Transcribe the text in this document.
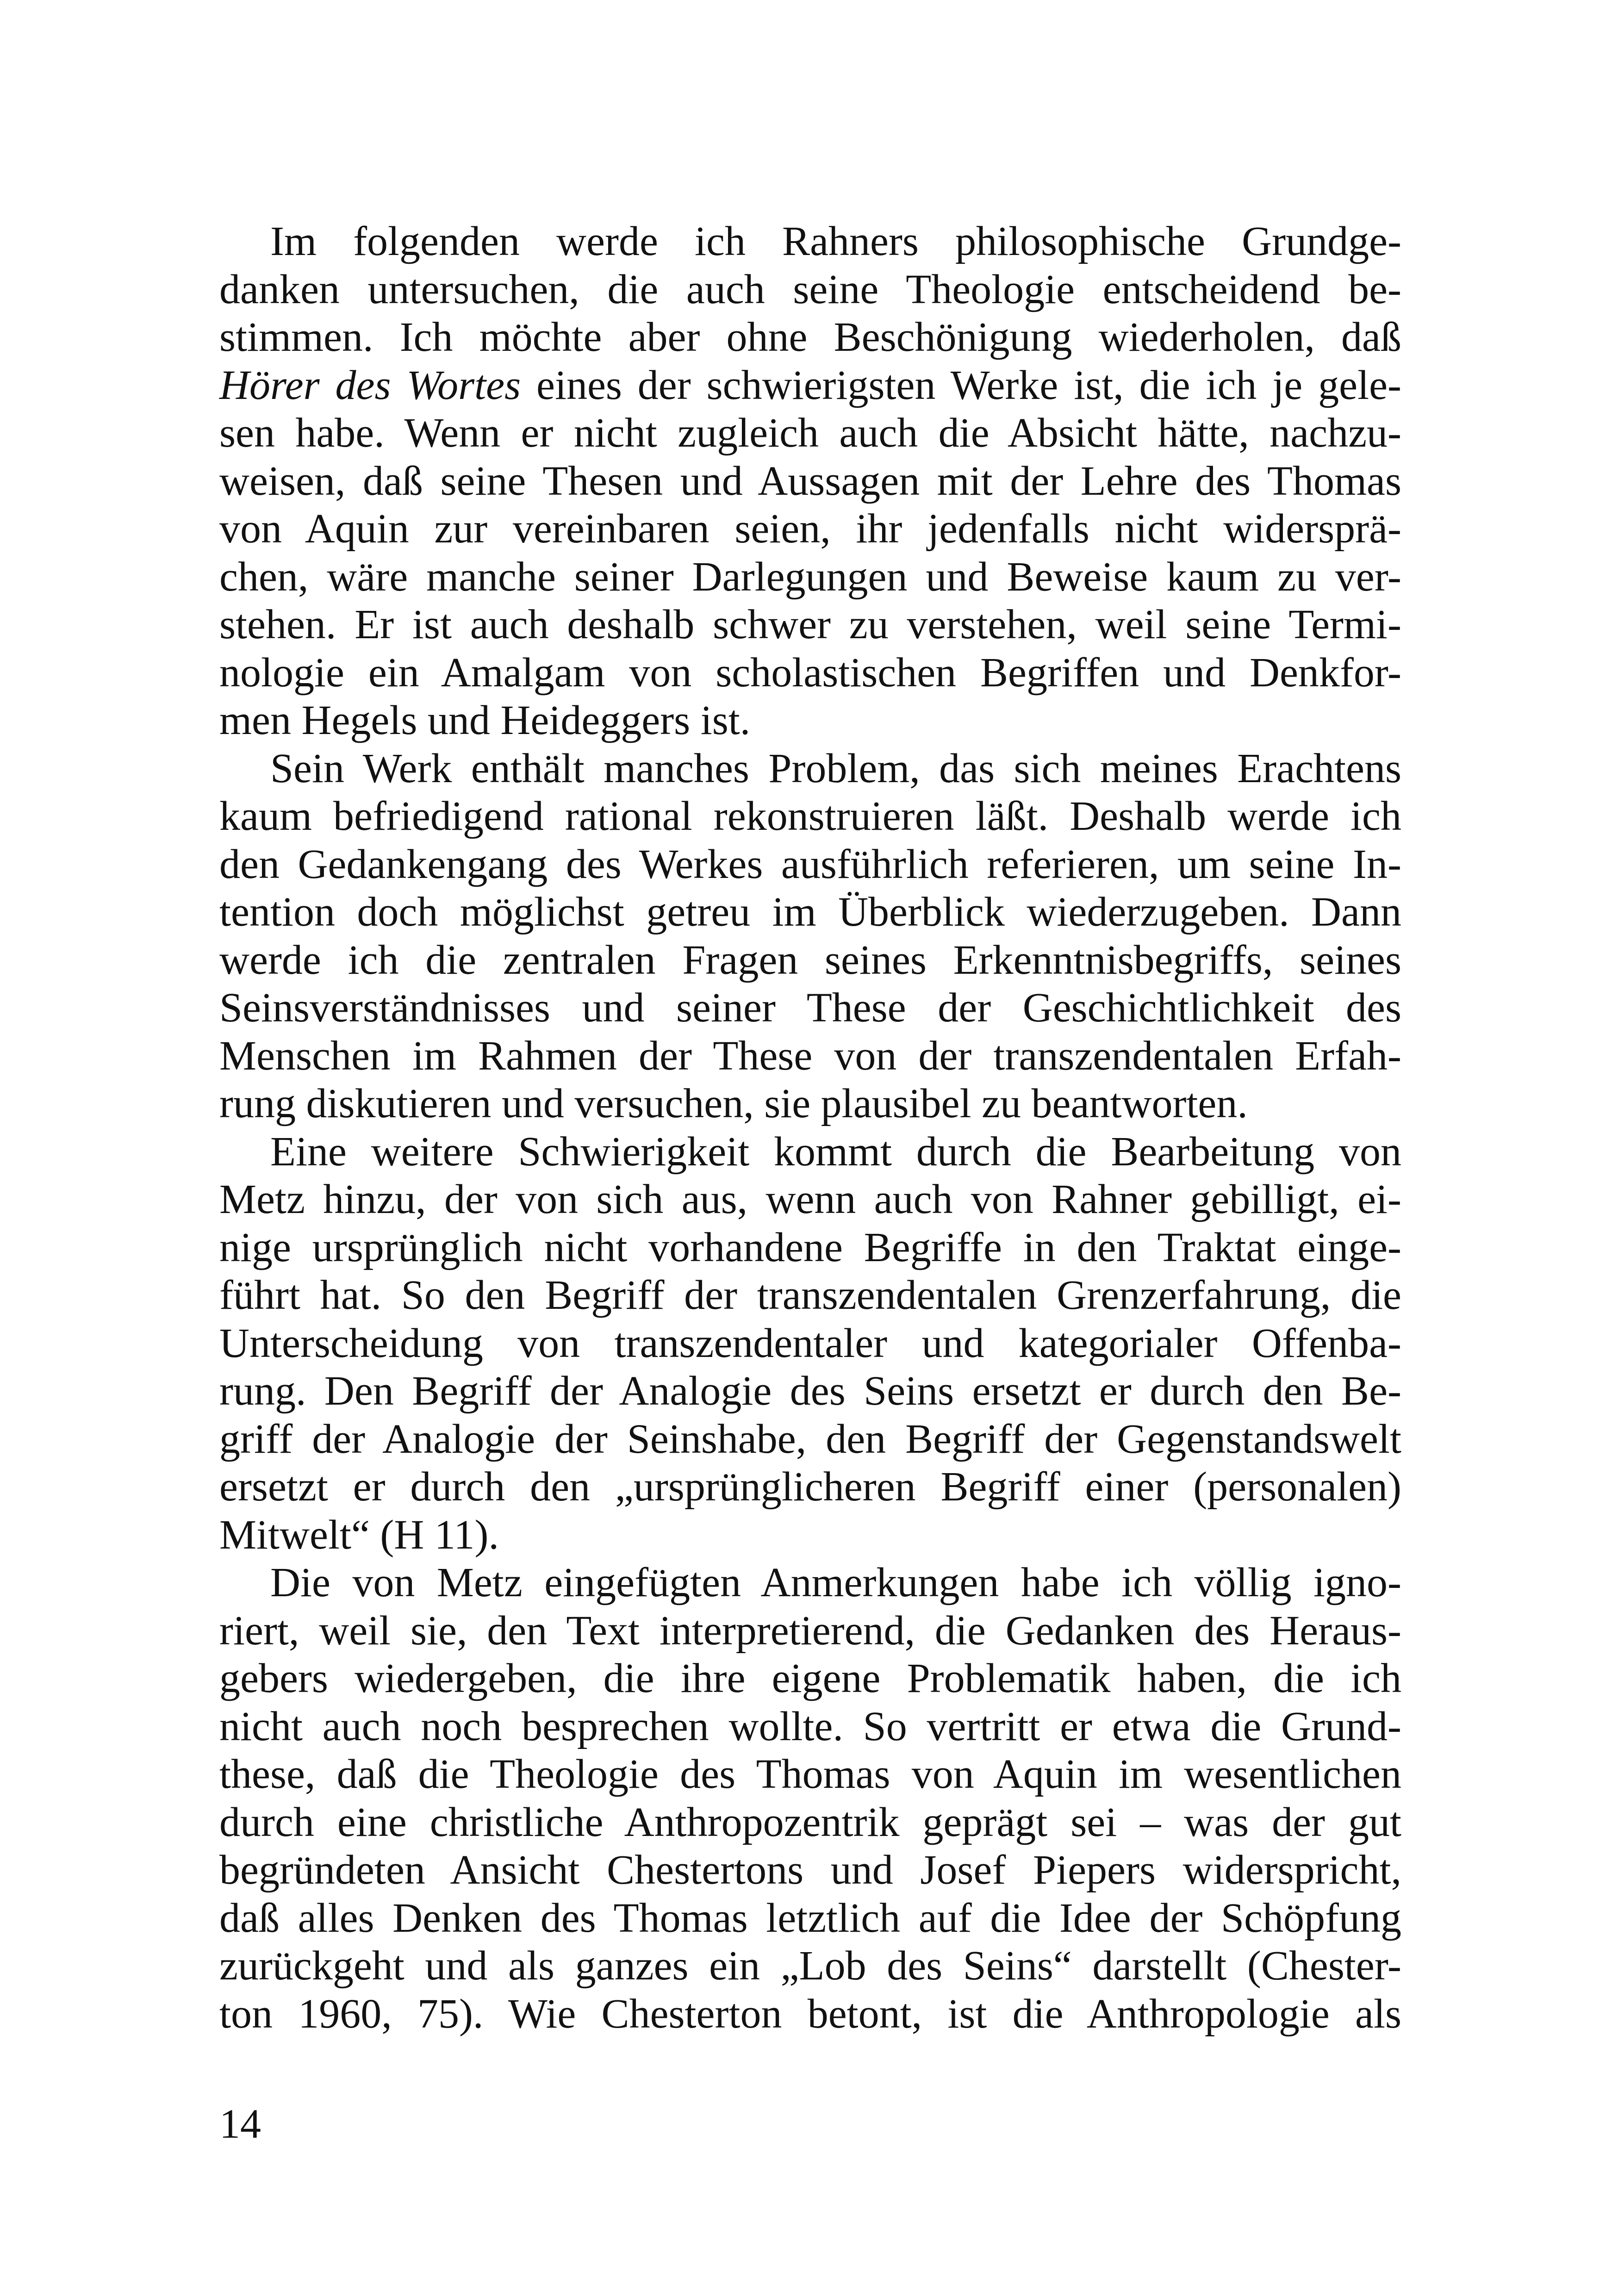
Im folgenden werde ich Rahners philosophische Grundge-
danken untersuchen, die auch seine Theologie entscheidend be-
stimmen. Ich möchte aber ohne Beschönigung wiederholen, daß
Hörer des Wortes eines der schwierigsten Werke ist, die ich je gele-
sen habe. Wenn er nicht zugleich auch die Absicht hätte, nachzu-
weisen, daß seine Thesen und Aussagen mit der Lehre des Thomas
von Aquin zur vereinbaren seien, ihr jedenfalls nicht widersprä-
chen, wäre manche seiner Darlegungen und Beweise kaum zu ver-
stehen. Er ist auch deshalb schwer zu verstehen, weil seine Termi-
nologie ein Amalgam von scholastischen Begriffen und Denkfor-
men Hegels und Heideggers ist.
Sein Werk enthält manches Problem, das sich meines Erachtens
kaum befriedigend rational rekonstruieren läßt. Deshalb werde ich
den Gedankengang des Werkes ausführlich referieren, um seine In-
tention doch möglichst getreu im Überblick wiederzugeben. Dann
werde ich die zentralen Fragen seines Erkenntnisbegriffs, seines
Seinsverständnisses und seiner These der Geschichtlichkeit des
Menschen im Rahmen der These von der transzendentalen Erfah-
rung diskutieren und versuchen, sie plausibel zu beantworten.
Eine weitere Schwierigkeit kommt durch die Bearbeitung von
Metz hinzu, der von sich aus, wenn auch von Rahner gebilligt, ei-
nige ursprünglich nicht vorhandene Begriffe in den Traktat einge-
führt hat. So den Begriff der transzendentalen Grenzerfahrung, die
Unterscheidung von transzendentaler und kategorialer Offenba-
rung. Den Begriff der Analogie des Seins ersetzt er durch den Be-
griff der Analogie der Seinshabe, den Begriff der Gegenstandswelt
ersetzt er durch den „ursprünglicheren Begriff einer (personalen)
Mitwelt“ (H 11).
Die von Metz eingefügten Anmerkungen habe ich völlig igno-
riert, weil sie, den Text interpretierend, die Gedanken des Heraus-
gebers wiedergeben, die ihre eigene Problematik haben, die ich
nicht auch noch besprechen wollte. So vertritt er etwa die Grund-
these, daß die Theologie des Thomas von Aquin im wesentlichen
durch eine christliche Anthropozentrik geprägt sei – was der gut
begründeten Ansicht Chestertons und Josef Piepers widerspricht,
daß alles Denken des Thomas letztlich auf die Idee der Schöpfung
zurückgeht und als ganzes ein „Lob des Seins“ darstellt (Chester-
ton 1960, 75). Wie Chesterton betont, ist die Anthropologie als
14
